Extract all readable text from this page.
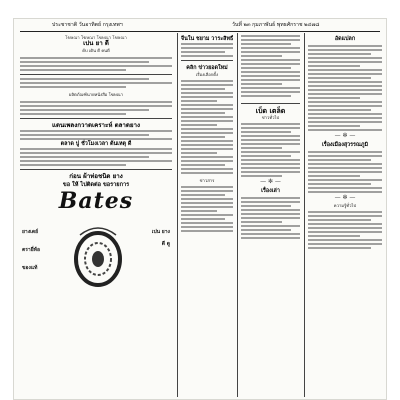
ประชาชาติ วันอาทิตย์ กรุงเทพฯ	วันที่ ๒๓ กุมภาพันธ์ พุทธศักราช ๒๔๗๘
โฆษณา โฆษณา โฆษณา โฆษณา
เปน ยา ดี
ดับ เดิน ดี คนดี
ผลิตภัณฑ์นายหนังสือ โฆษณา
แดนเพลงกวาดเคราะห์ ตลาดยาง
ตลาด ปู ชั่วโมงเวลา ต้นเหตุ ดี
ก่อน ผ้าท่อชนิด ยาง
ขอ ให้ ไปติดต่อ ขอรายการ
Bates
ยางเดย์
ตรายี่ห้อ
ของแท้
เปน ยาง
ดี ดู
จีนใน ชยาม วาระสิทธิ์
คลิก ข่าวยอดใหม่
เรื่องเลือกตั้ง
ข่าวสาร
เบ็ด เตล็ด
ข่าวทั่วไป
— ✻ —
เรื่องเล่า
อัดแปลก
— ✻ —
เรื่องเมืองสุวรรณภูมิ
— ✻ —
ความรู้ทั่วไป
